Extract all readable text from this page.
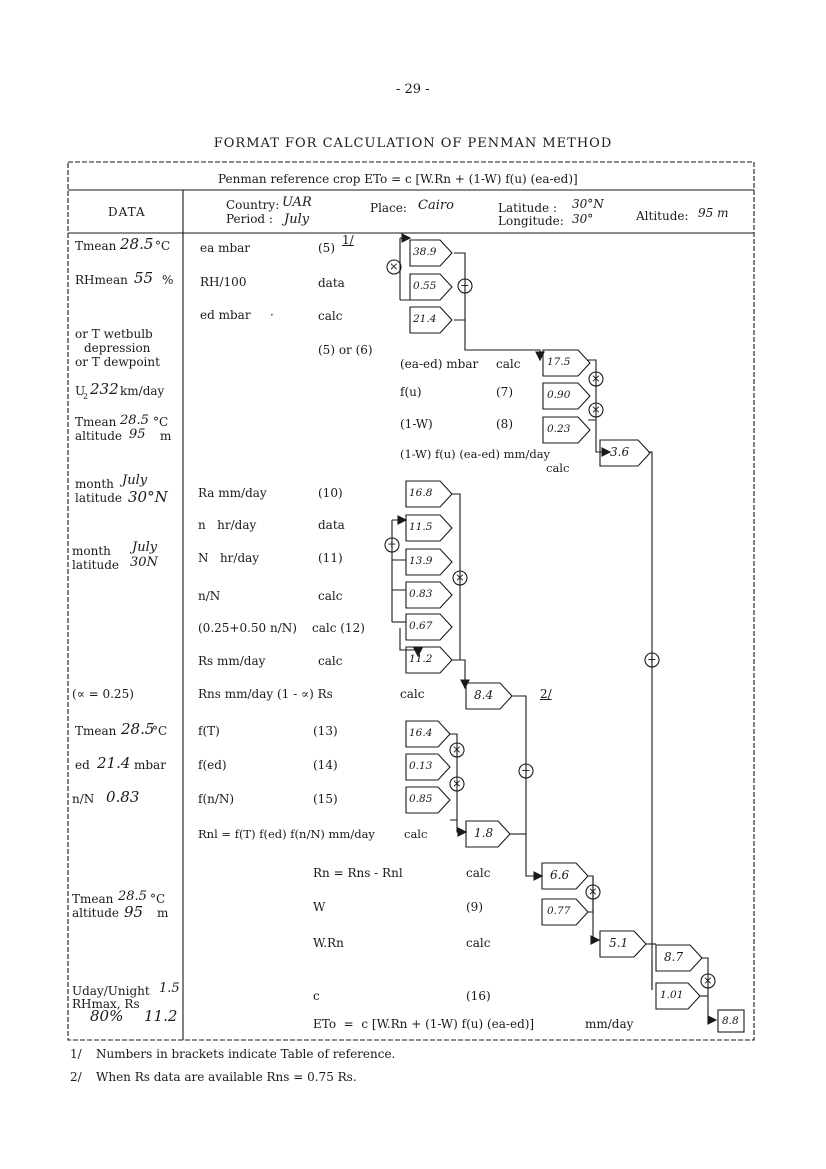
×
−
×
×
+
÷
×
×
×
−
×
×
- 29 -
FORMAT FOR CALCULATION OF PENMAN METHOD
Penman reference crop ETo = c [W.Rn + (1-W) f(u) (ea-ed)]
DATA	Country: UAR
Period : July
Place: Cairo	Latitude : 30°N
Longitude: 30°	Altitude: 95 m
Tmean 28.5 °C
RHmean 55 %
or T wetbulb
depression
or T dewpoint
U
2 232 km/day
Tmean 28.5 °C
altitude 95 m
month July
latitude 30°N
month July
latitude 30N
(∝ = 0.25)
Tmean 28.5
°C
ed 21.4 mbar
n/N 0.83
Tmean 28.5 °C
altitude 95 m
Uday/Unight 1.5
RHmax, Rs
80% 11.2
ea mbar	(5)
1/
RH/100	data
ed mbar ·	calc
(5) or (6)
(ea-ed) mbar calc
f(u)	(7)
(1-W)	(8)
(1-W) f(u) (ea-ed) mm/day
calc
Ra mm/day	(10)
n   hr/day	data
N   hr/day	(11)
n/N	calc
(0.25+0.50 n/N) calc (12)
Rs mm/day	calc
Rns mm/day (1 - ∝) Rs	calc	2/
f(T)	(13)
f(ed)	(14)
f(n/N)	(15)
Rnl = f(T) f(ed) f(n/N) mm/day	calc
Rn = Rns - Rnl	calc
W	(9)
W.Rn	calc
c	(16)
ETo  =  c [W.Rn + (1-W) f(u) (ea-ed)]	mm/day
38.9
0.55
21.4
17.5
0.90
0.23
3.6
16.8
11.5
13.9
0.83
0.67
11.2
8.4
16.4
0.13
0.85
1.8
6.6
0.77
5.1
8.7
1.01
8.8
1/ Numbers in brackets indicate Table of reference.
2/ When Rs data are available Rns = 0.75 Rs.
